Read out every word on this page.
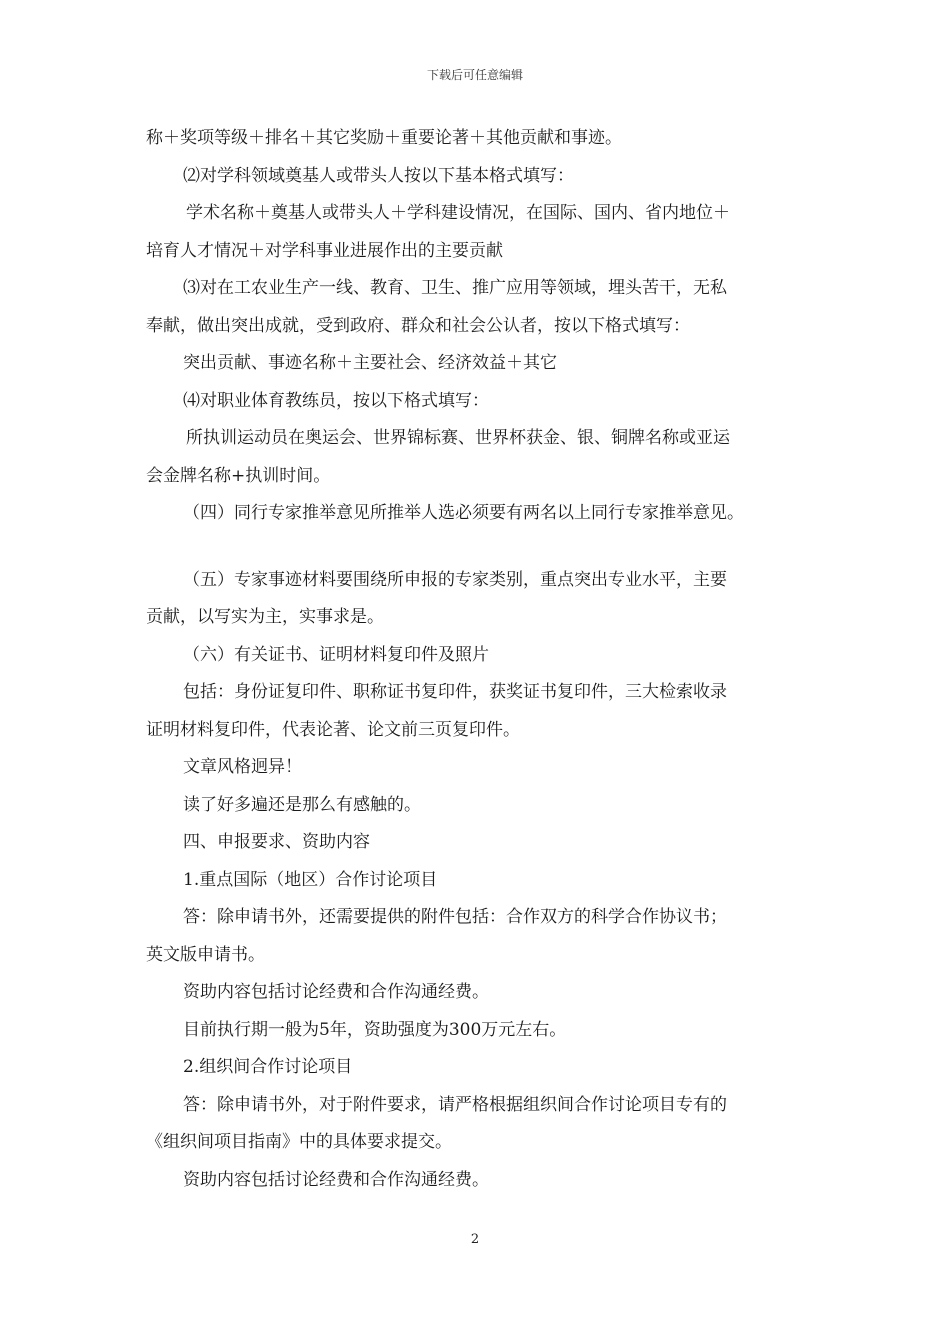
下载后可任意编辑
称＋奖项等级＋排名＋其它奖励＋重要论著＋其他贡献和事迹。
⑵对学科领域奠基人或带头人按以下基本格式填写：
学术名称＋奠基人或带头人＋学科建设情况，在国际、国内、省内地位＋
培育人才情况＋对学科事业进展作出的主要贡献
⑶对在工农业生产一线、教育、卫生、推广应用等领域，埋头苦干，无私
奉献，做出突出成就，受到政府、群众和社会公认者，按以下格式填写：
突出贡献、事迹名称＋主要社会、经济效益＋其它
⑷对职业体育教练员，按以下格式填写：
所执训运动员在奥运会、世界锦标赛、世界杯获金、银、铜牌名称或亚运
会金牌名称+执训时间。
（四）同行专家推举意见所推举人选必须要有两名以上同行专家推举意见。
（五）专家事迹材料要围绕所申报的专家类别，重点突出专业水平，主要
贡献，以写实为主，实事求是。
（六）有关证书、证明材料复印件及照片
包括：身份证复印件、职称证书复印件，获奖证书复印件，三大检索收录
证明材料复印件，代表论著、论文前三页复印件。
文章风格迥异！
读了好多遍还是那么有感触的。
四、申报要求、资助内容
1.重点国际（地区）合作讨论项目
答：除申请书外，还需要提供的附件包括：合作双方的科学合作协议书；
英文版申请书。
资助内容包括讨论经费和合作沟通经费。
目前执行期一般为5年，资助强度为300万元左右。
2.组织间合作讨论项目
答：除申请书外，对于附件要求，请严格根据组织间合作讨论项目专有的
《组织间项目指南》中的具体要求提交。
资助内容包括讨论经费和合作沟通经费。
2
